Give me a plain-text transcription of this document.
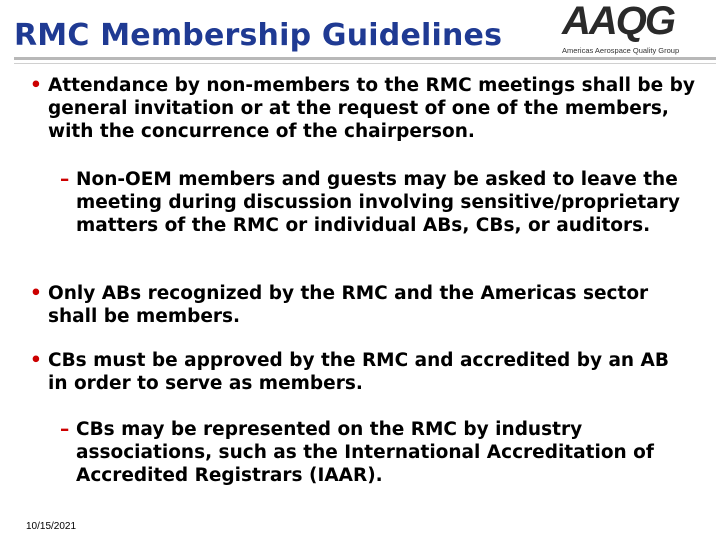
RMC Membership Guidelines AAQG
Americas Aerospace Quality Group
• Attendance by non-members to the RMC meetings shall be by general invitation or at the request of one of the members, with the concurrence of the chairperson.
– Non-OEM members and guests may be asked to leave the meeting during discussion involving sensitive/proprietary matters of the RMC or individual ABs, CBs, or auditors.
• Only ABs recognized by the RMC and the Americas sector shall be members.
• CBs must be approved by the RMC and accredited by an AB in order to serve as members.
– CBs may be represented on the RMC by industry associations, such as the International Accreditation of Accredited Registrars (IAAR).
10/15/2021
